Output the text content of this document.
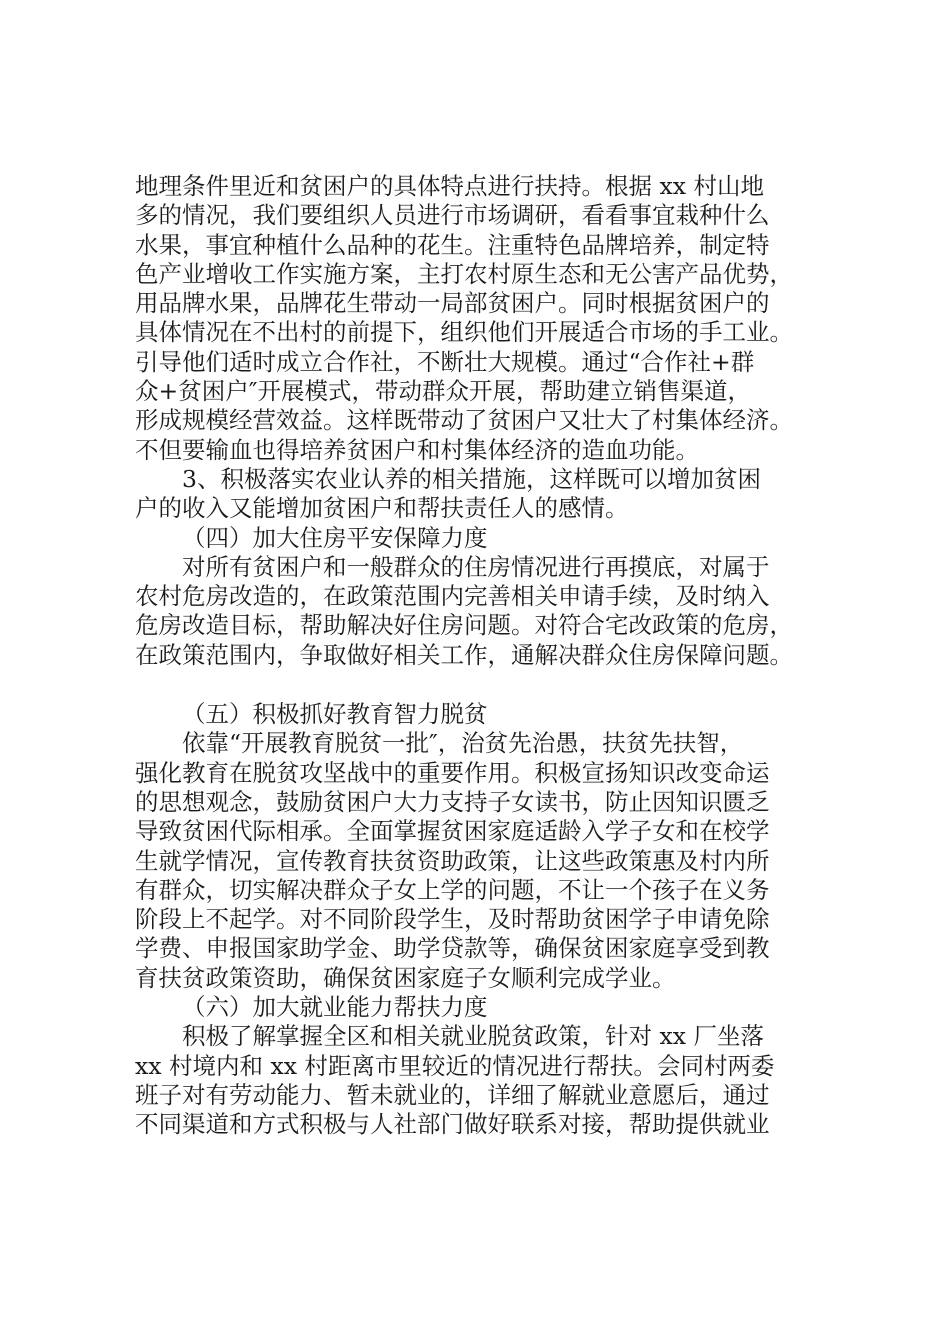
地理条件里近和贫困户的具体特点进行扶持。根据 xx 村山地
多的情况，我们要组织人员进行市场调研，看看事宜栽种什么
水果，事宜种植什么品种的花生。注重特色品牌培养，制定特
色产业增收工作实施方案，主打农村原生态和无公害产品优势，
用品牌水果，品牌花生带动一局部贫困户。同时根据贫困户的
具体情况在不出村的前提下，组织他们开展适合市场的手工业。
引导他们适时成立合作社，不断壮大规模。通过“合作社+群
众+贫困户″开展模式，带动群众开展，帮助建立销售渠道，
形成规模经营效益。这样既带动了贫困户又壮大了村集体经济。
不但要输血也得培养贫困户和村集体经济的造血功能。
3、积极落实农业认养的相关措施，这样既可以增加贫困
户的收入又能增加贫困户和帮扶责任人的感情。
（四）加大住房平安保障力度
对所有贫困户和一般群众的住房情况进行再摸底，对属于
农村危房改造的，在政策范围内完善相关申请手续，及时纳入
危房改造目标，帮助解决好住房问题。对符合宅改政策的危房，
在政策范围内，争取做好相关工作，通解决群众住房保障问题。
（五）积极抓好教育智力脱贫
依靠“开展教育脱贫一批″，治贫先治愚，扶贫先扶智，
强化教育在脱贫攻坚战中的重要作用。积极宣扬知识改变命运
的思想观念，鼓励贫困户大力支持子女读书，防止因知识匮乏
导致贫困代际相承。全面掌握贫困家庭适龄入学子女和在校学
生就学情况，宣传教育扶贫资助政策，让这些政策惠及村内所
有群众，切实解决群众子女上学的问题，不让一个孩子在义务
阶段上不起学。对不同阶段学生，及时帮助贫困学子申请免除
学费、申报国家助学金、助学贷款等，确保贫困家庭享受到教
育扶贫政策资助，确保贫困家庭子女顺利完成学业。
（六）加大就业能力帮扶力度
积极了解掌握全区和相关就业脱贫政策，针对 xx 厂坐落
xx 村境内和 xx 村距离市里较近的情况进行帮扶。会同村两委
班子对有劳动能力、暂未就业的，详细了解就业意愿后，通过
不同渠道和方式积极与人社部门做好联系对接，帮助提供就业
